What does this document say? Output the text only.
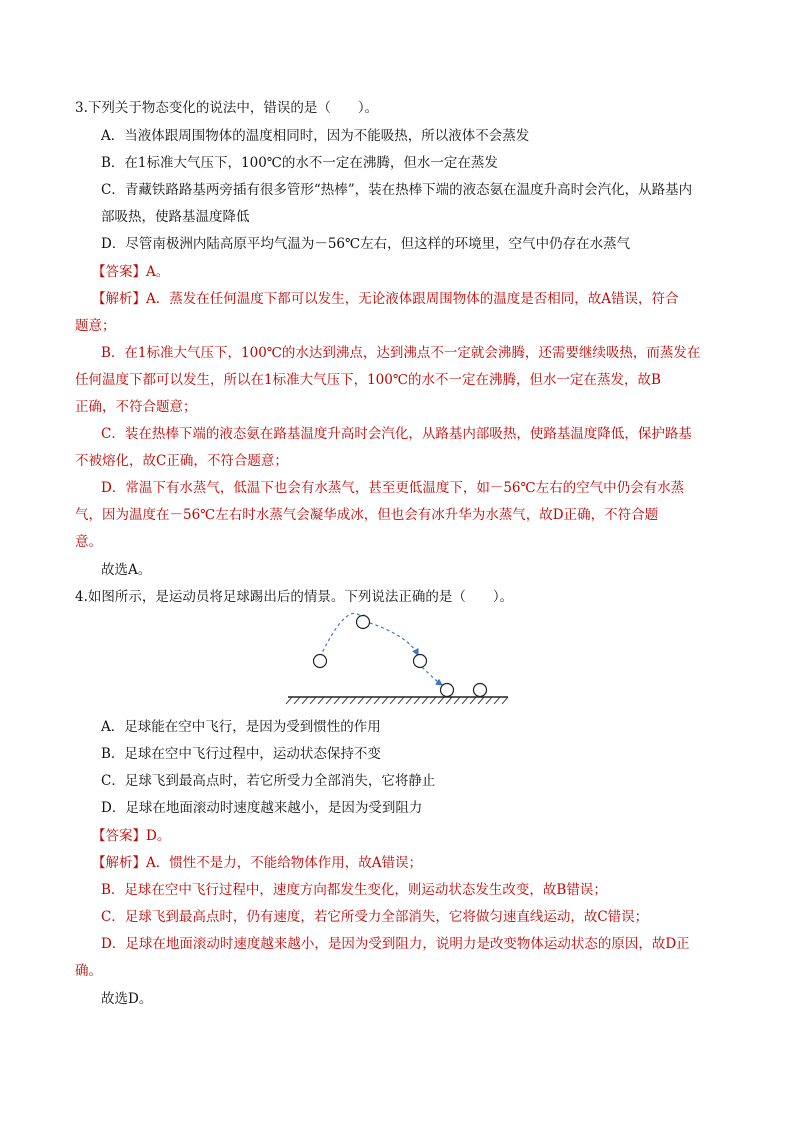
3.下列关于物态变化的说法中，错误的是（　　）。

A．当液体跟周围物体的温度相同时，因为不能吸热，所以液体不会蒸发

B．在1标准大气压下，100℃的水不一定在沸腾，但水一定在蒸发

C．青藏铁路路基两旁插有很多管形“热棒”，装在热棒下端的液态氨在温度升高时会汽化，从路基内

部吸热，使路基温度降低

D．尽管南极洲内陆高原平均气温为－56℃左右，但这样的环境里，空气中仍存在水蒸气

【答案】A。

【解析】A．蒸发在任何温度下都可以发生，无论液体跟周围物体的温度是否相同，故A错误，符合

题意；

B．在1标准大气压下，100℃的水达到沸点，达到沸点不一定就会沸腾，还需要继续吸热，而蒸发在

任何温度下都可以发生，所以在1标准大气压下，100℃的水不一定在沸腾，但水一定在蒸发，故B

正确，不符合题意；

C．装在热棒下端的液态氨在路基温度升高时会汽化，从路基内部吸热，使路基温度降低，保护路基

不被熔化，故C正确，不符合题意；

D．常温下有水蒸气，低温下也会有水蒸气，甚至更低温度下，如－56℃左右的空气中仍会有水蒸

气，因为温度在－56℃左右时水蒸气会凝华成冰，但也会有冰升华为水蒸气，故D正确，不符合题

意。

故选A。

4.如图所示，是运动员将足球踢出后的情景。下列说法正确的是（　　）。

A．足球能在空中飞行，是因为受到惯性的作用

B．足球在空中飞行过程中，运动状态保持不变

C．足球飞到最高点时，若它所受力全部消失，它将静止

D．足球在地面滚动时速度越来越小，是因为受到阻力

【答案】D。

【解析】A．惯性不是力，不能给物体作用，故A错误；

B．足球在空中飞行过程中，速度方向都发生变化，则运动状态发生改变，故B错误；

C．足球飞到最高点时，仍有速度，若它所受力全部消失，它将做匀速直线运动，故C错误；

D．足球在地面滚动时速度越来越小，是因为受到阻力，说明力是改变物体运动状态的原因，故D正

确。

故选D。
